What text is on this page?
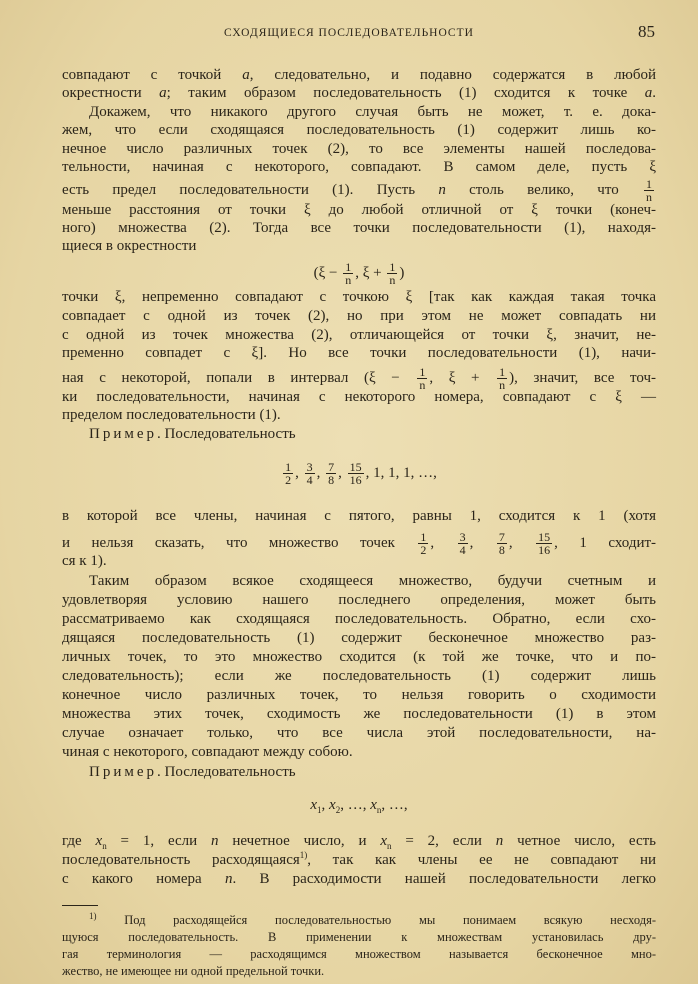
СХОДЯЩИЕСЯ ПОСЛЕДОВАТЕЛЬНОСТИ	85
совпадают с точкой a, следовательно, и подавно содержатся в любой
окрестности a; таким образом последовательность (1) сходится к точке a.
Докажем, что никакого другого случая быть не может, т. е. дока-
жем, что если сходящаяся последовательность (1) содержит лишь ко-
нечное число различных точек (2), то все элементы нашей последова-
тельности, начиная с некоторого, совпадают. В самом деле, пусть ξ
есть предел последовательности (1). Пусть n столь велико, что $\frac{1}{n}$
меньше расстояния от точки ξ до любой отличной от ξ точки (конеч-
ного) множества (2). Тогда все точки последовательности (1), находя-
щиеся в окрестности
($\xi - \frac{1}{n}$ , $\xi + \frac{1}{n}$ )
точки ξ, непременно совпадают с точкою ξ [так как каждая такая точка
совпадает с одной из точек (2), но при этом не может совпадать ни
с одной из точек множества (2), отличающейся от точки ξ, значит, не-
пременно совпадет с ξ]. Но все точки последовательности (1), начи-
ная с некоторой, попали в интервал ($\xi - \frac{1}{n}$ , $\xi + \frac{1}{n}$ ), значит, все точ-
ки последовательности, начиная с некоторого номера, совпадают с ξ —
пределом последовательности (1).
Пример. Последовательность
$\frac{1}{2}$ , $\frac{3}{4}$ , $\frac{7}{8}$ , $\frac{15}{16}$ , 1, 1, 1, …,
в которой все члены, начиная с пятого, равны 1, сходится к 1 (хотя
и нельзя сказать, что множество точек $\frac{1}{2}$ , $\frac{3}{4}$ , $\frac{7}{8}$ , $\frac{15}{16}$ , 1 сходит-
ся к 1).
Таким образом всякое сходящееся множество, будучи счетным и
удовлетворяя условию нашего последнего определения, может быть
рассматриваемо как сходящаяся последовательность. Обратно, если схо-
дящаяся последовательность (1) содержит бесконечное множество раз-
личных точек, то это множество сходится (к той же точке, что и по-
следовательность); если же последовательность (1) содержит лишь
конечное число различных точек, то нельзя говорить о сходимости
множества этих точек, сходимость же последовательности (1) в этом
случае означает только, что все числа этой последовательности, на-
чиная с некоторого, совпадают между собою.
Пример. Последовательность
$x_1$, $x_2$, …, $x_n$, …,
где $x_n = 1$, если n нечетное число, и $x_n = 2$, если n четное число, есть
последовательность расходящаяся$^{1)}$, так как члены ее не совпадают ни
с какого номера n. В расходимости нашей последовательности легко
$^{1)}$ Под расходящейся последовательностью мы понимаем всякую несходя-
щуюся последовательность. В применении к множествам установилась дру-
гая терминология — расходящимся множеством называется бесконечное мно-
жество, не имеющее ни одной предельной точки.
